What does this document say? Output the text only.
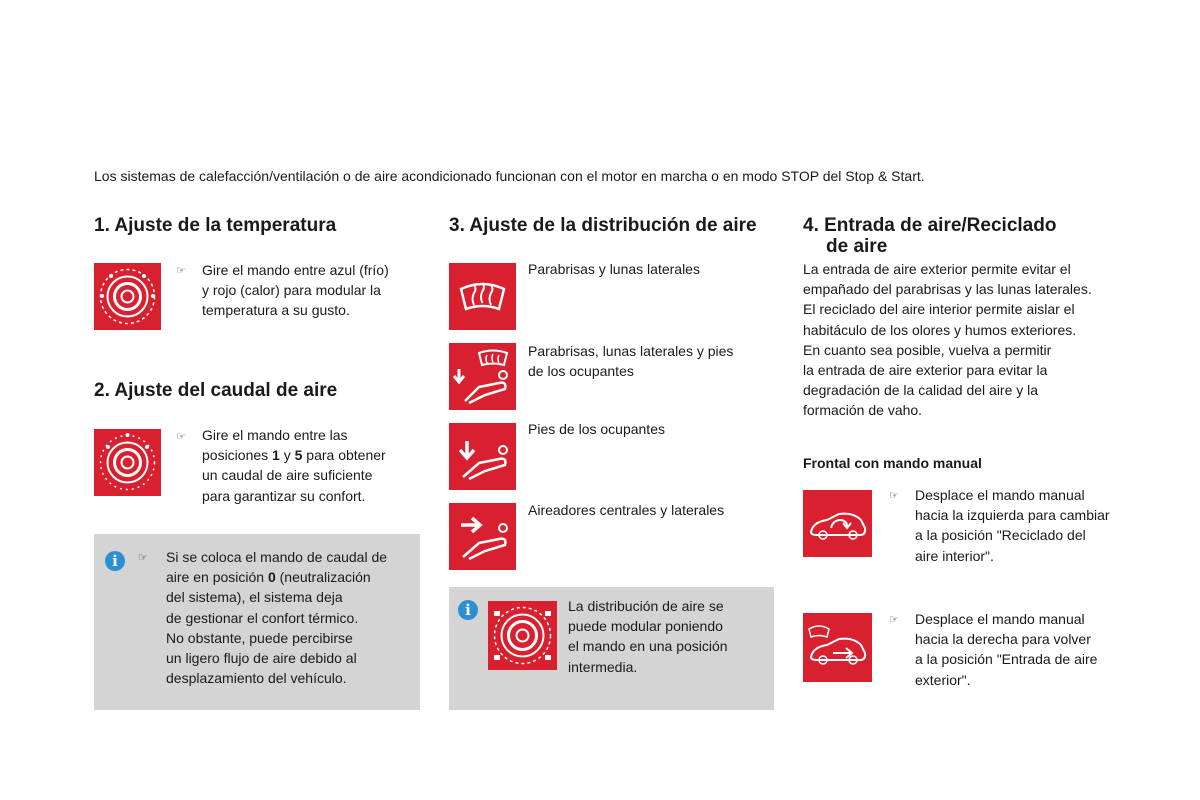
Los sistemas de calefacción/ventilación o de aire acondicionado funcionan con el motor en marcha o en modo STOP del Stop & Start.
1. Ajuste de la temperatura
☞ Gire el mando entre azul (frío)
y rojo (calor) para modular la
temperatura a su gusto.
2. Ajuste del caudal de aire
☞ Gire el mando entre las
posiciones 1 y 5 para obtener
un caudal de aire suficiente
para garantizar su confort.
i	☞ Si se coloca el mando de caudal de
aire en posición 0 (neutralización
del sistema), el sistema deja
de gestionar el confort térmico.
No obstante, puede percibirse
un ligero flujo de aire debido al
desplazamiento del vehículo.
3. Ajuste de la distribución de aire
Parabrisas y lunas laterales
Parabrisas, lunas laterales y pies
de los ocupantes
Pies de los ocupantes
Aireadores centrales y laterales
i	La distribución de aire se
puede modular poniendo
el mando en una posición
intermedia.
4. Entrada de aire/Reciclado
de aire
La entrada de aire exterior permite evitar el
empañado del parabrisas y las lunas laterales.
El reciclado del aire interior permite aislar el
habitáculo de los olores y humos exteriores.
En cuanto sea posible, vuelva a permitir
la entrada de aire exterior para evitar la
degradación de la calidad del aire y la
formación de vaho.
Frontal con mando manual
☞ Desplace el mando manual
hacia la izquierda para cambiar
a la posición "Reciclado del
aire interior".
☞ Desplace el mando manual
hacia la derecha para volver
a la posición "Entrada de aire
exterior".
